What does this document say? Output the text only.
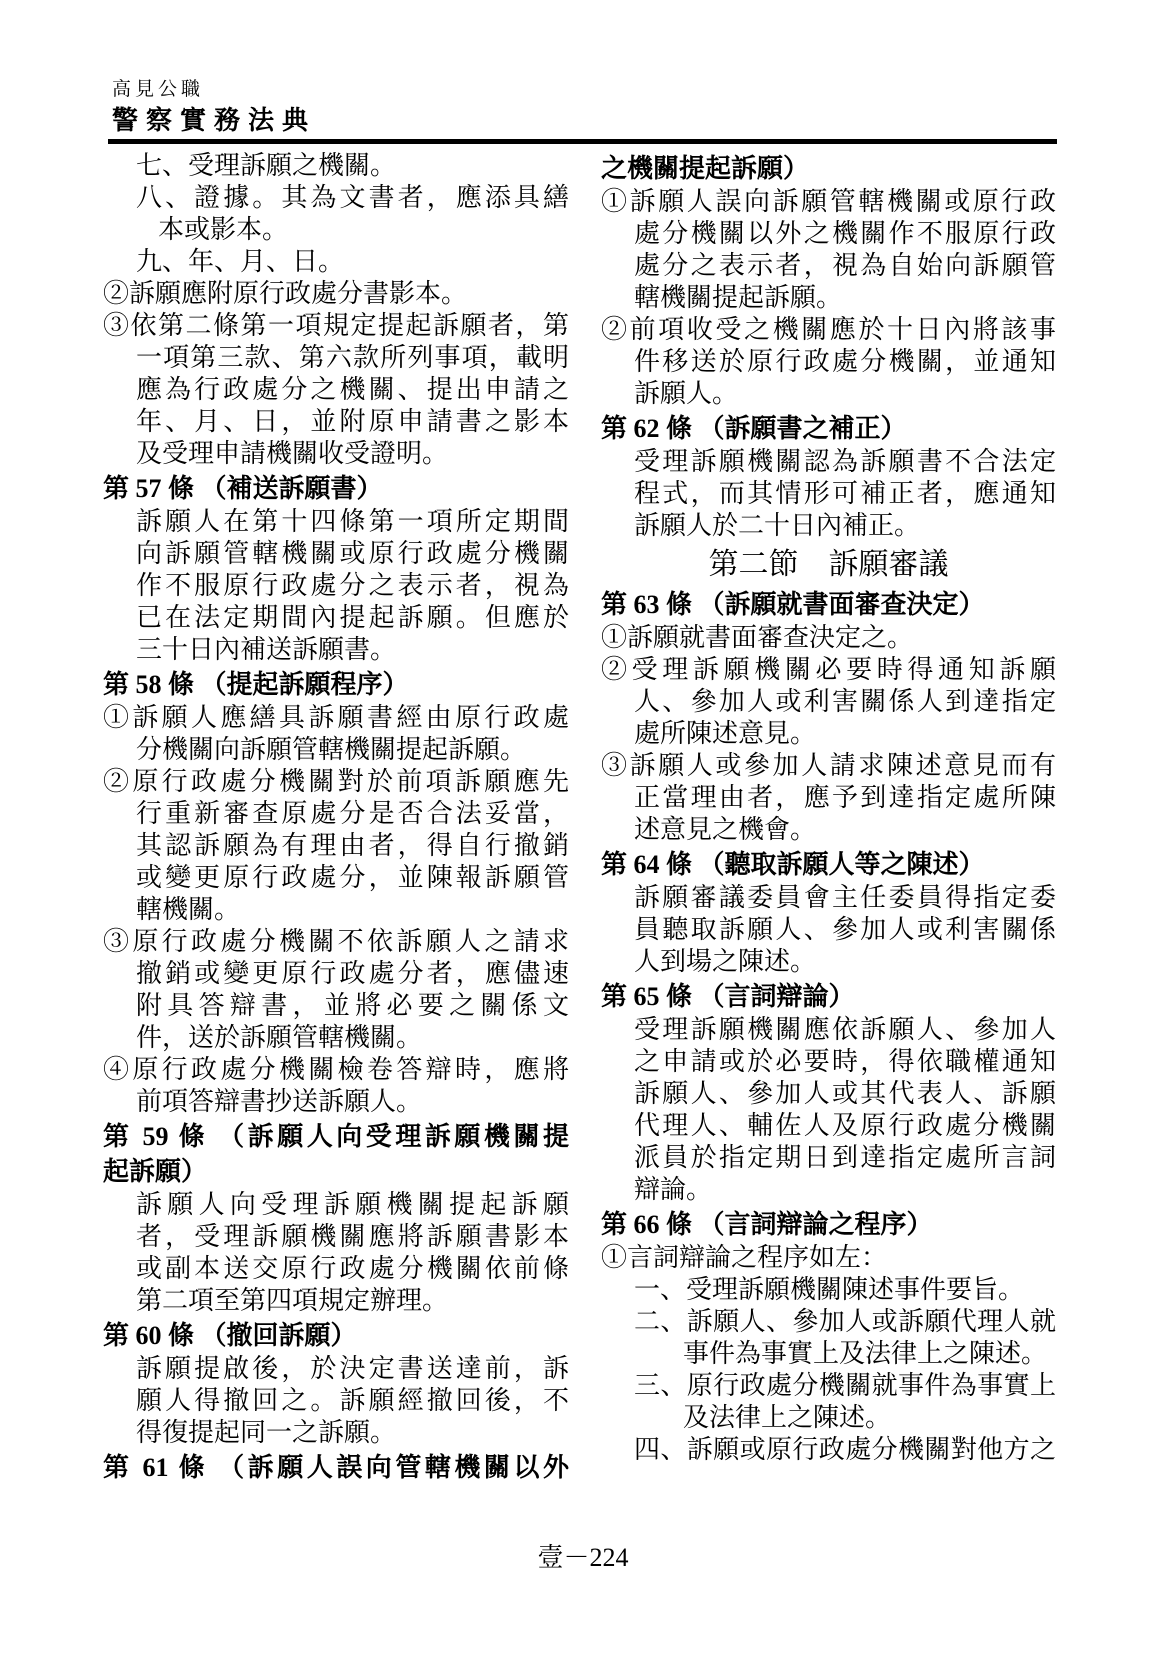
高見公職
警察實務法典
七、受理訴願之機關。
八、證據。其為文書者，應添具繕
本或影本。
九、年、月、日。
②訴願應附原行政處分書影本。
③依第二條第一項規定提起訴願者，第
一項第三款、第六款所列事項，載明
應為行政處分之機關、提出申請之
年、月、日，並附原申請書之影本
及受理申請機關收受證明。
第 57 條 （補送訴願書）
訴願人在第十四條第一項所定期間
向訴願管轄機關或原行政處分機關
作不服原行政處分之表示者，視為
已在法定期間內提起訴願。但應於
三十日內補送訴願書。
第 58 條 （提起訴願程序）
①訴願人應繕具訴願書經由原行政處
分機關向訴願管轄機關提起訴願。
②原行政處分機關對於前項訴願應先
行重新審查原處分是否合法妥當，
其認訴願為有理由者，得自行撤銷
或變更原行政處分，並陳報訴願管
轄機關。
③原行政處分機關不依訴願人之請求
撤銷或變更原行政處分者，應儘速
附具答辯書，並將必要之關係文
件，送於訴願管轄機關。
④原行政處分機關檢卷答辯時，應將
前項答辯書抄送訴願人。
第 59 條 （訴願人向受理訴願機關提
起訴願）
訴願人向受理訴願機關提起訴願
者，受理訴願機關應將訴願書影本
或副本送交原行政處分機關依前條
第二項至第四項規定辦理。
第 60 條 （撤回訴願）
訴願提啟後，於決定書送達前，訴
願人得撤回之。訴願經撤回後，不
得復提起同一之訴願。
第 61 條 （訴願人誤向管轄機關以外
之機關提起訴願）
①訴願人誤向訴願管轄機關或原行政
處分機關以外之機關作不服原行政
處分之表示者，視為自始向訴願管
轄機關提起訴願。
②前項收受之機關應於十日內將該事
件移送於原行政處分機關，並通知
訴願人。
第 62 條 （訴願書之補正）
受理訴願機關認為訴願書不合法定
程式，而其情形可補正者，應通知
訴願人於二十日內補正。
第二節　訴願審議
第 63 條 （訴願就書面審查決定）
①訴願就書面審查決定之。
②受理訴願機關必要時得通知訴願
人、參加人或利害關係人到達指定
處所陳述意見。
③訴願人或參加人請求陳述意見而有
正當理由者，應予到達指定處所陳
述意見之機會。
第 64 條 （聽取訴願人等之陳述）
訴願審議委員會主任委員得指定委
員聽取訴願人、參加人或利害關係
人到場之陳述。
第 65 條 （言詞辯論）
受理訴願機關應依訴願人、參加人
之申請或於必要時，得依職權通知
訴願人、參加人或其代表人、訴願
代理人、輔佐人及原行政處分機關
派員於指定期日到達指定處所言詞
辯論。
第 66 條 （言詞辯論之程序）
①言詞辯論之程序如左：
一、受理訴願機關陳述事件要旨。
二、訴願人、參加人或訴願代理人就
事件為事實上及法律上之陳述。
三、原行政處分機關就事件為事實上
及法律上之陳述。
四、訴願或原行政處分機關對他方之
壹－224
